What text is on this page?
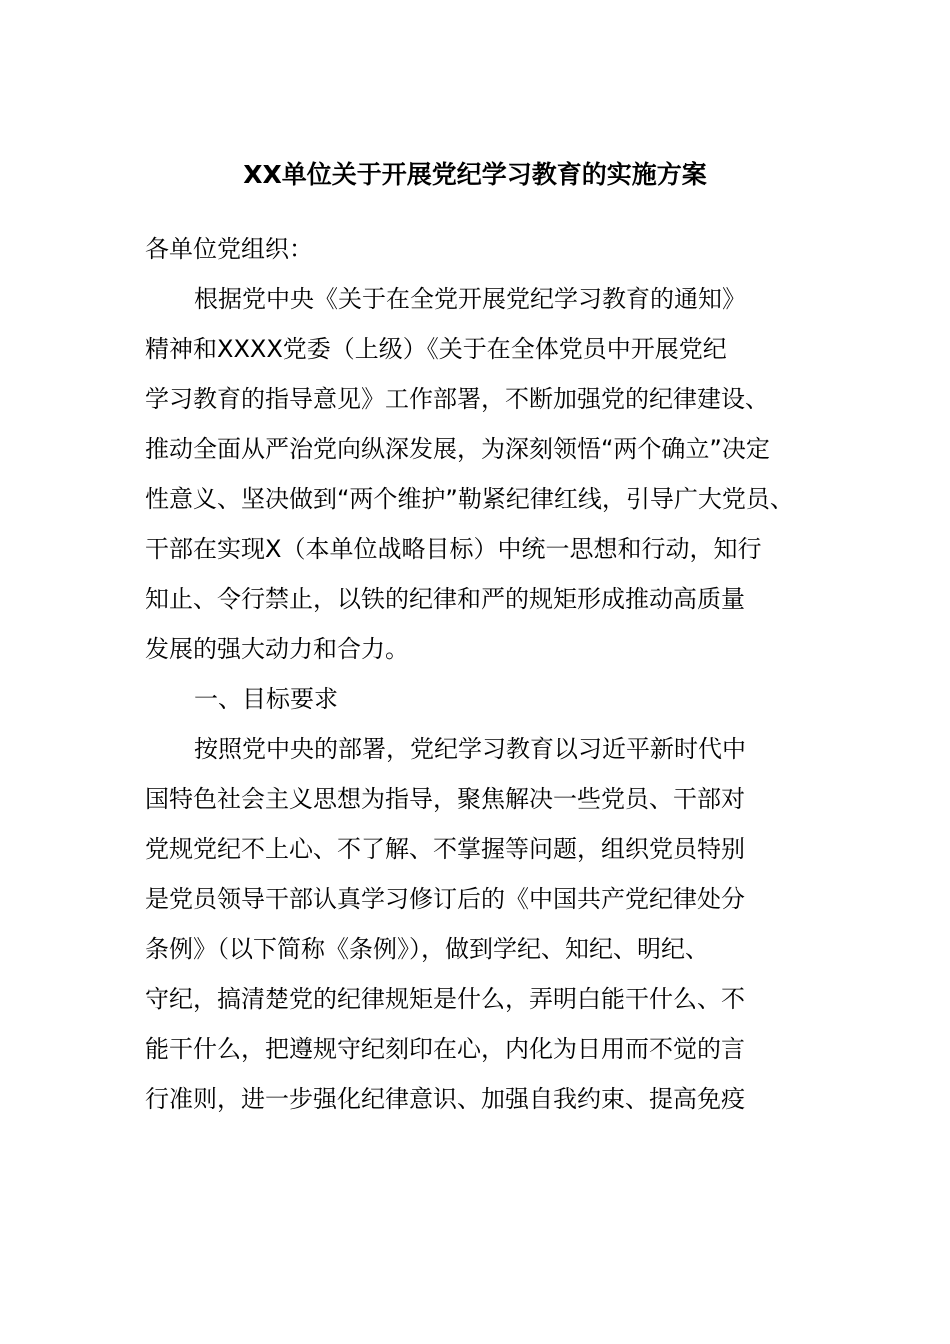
XX单位关于开展党纪学习教育的实施方案
各单位党组织：
根据党中央《关于在全党开展党纪学习教育的通知》
精神和XXXX党委（上级）《关于在全体党员中开展党纪
学习教育的指导意见》工作部署，不断加强党的纪律建设、
推动全面从严治党向纵深发展，为深刻领悟“两个确立”决定
性意义、坚决做到“两个维护”勒紧纪律红线，引导广大党员、
干部在实现X（本单位战略目标）中统一思想和行动，知行
知止、令行禁止，以铁的纪律和严的规矩形成推动高质量
发展的强大动力和合力。
一、目标要求
按照党中央的部署，党纪学习教育以习近平新时代中
国特色社会主义思想为指导，聚焦解决一些党员、干部对
党规党纪不上心、不了解、不掌握等问题，组织党员特别
是党员领导干部认真学习修订后的《中国共产党纪律处分
条例》（以下简称《条例》），做到学纪、知纪、明纪、
守纪，搞清楚党的纪律规矩是什么，弄明白能干什么、不
能干什么，把遵规守纪刻印在心，内化为日用而不觉的言
行准则，进一步强化纪律意识、加强自我约束、提高免疫
